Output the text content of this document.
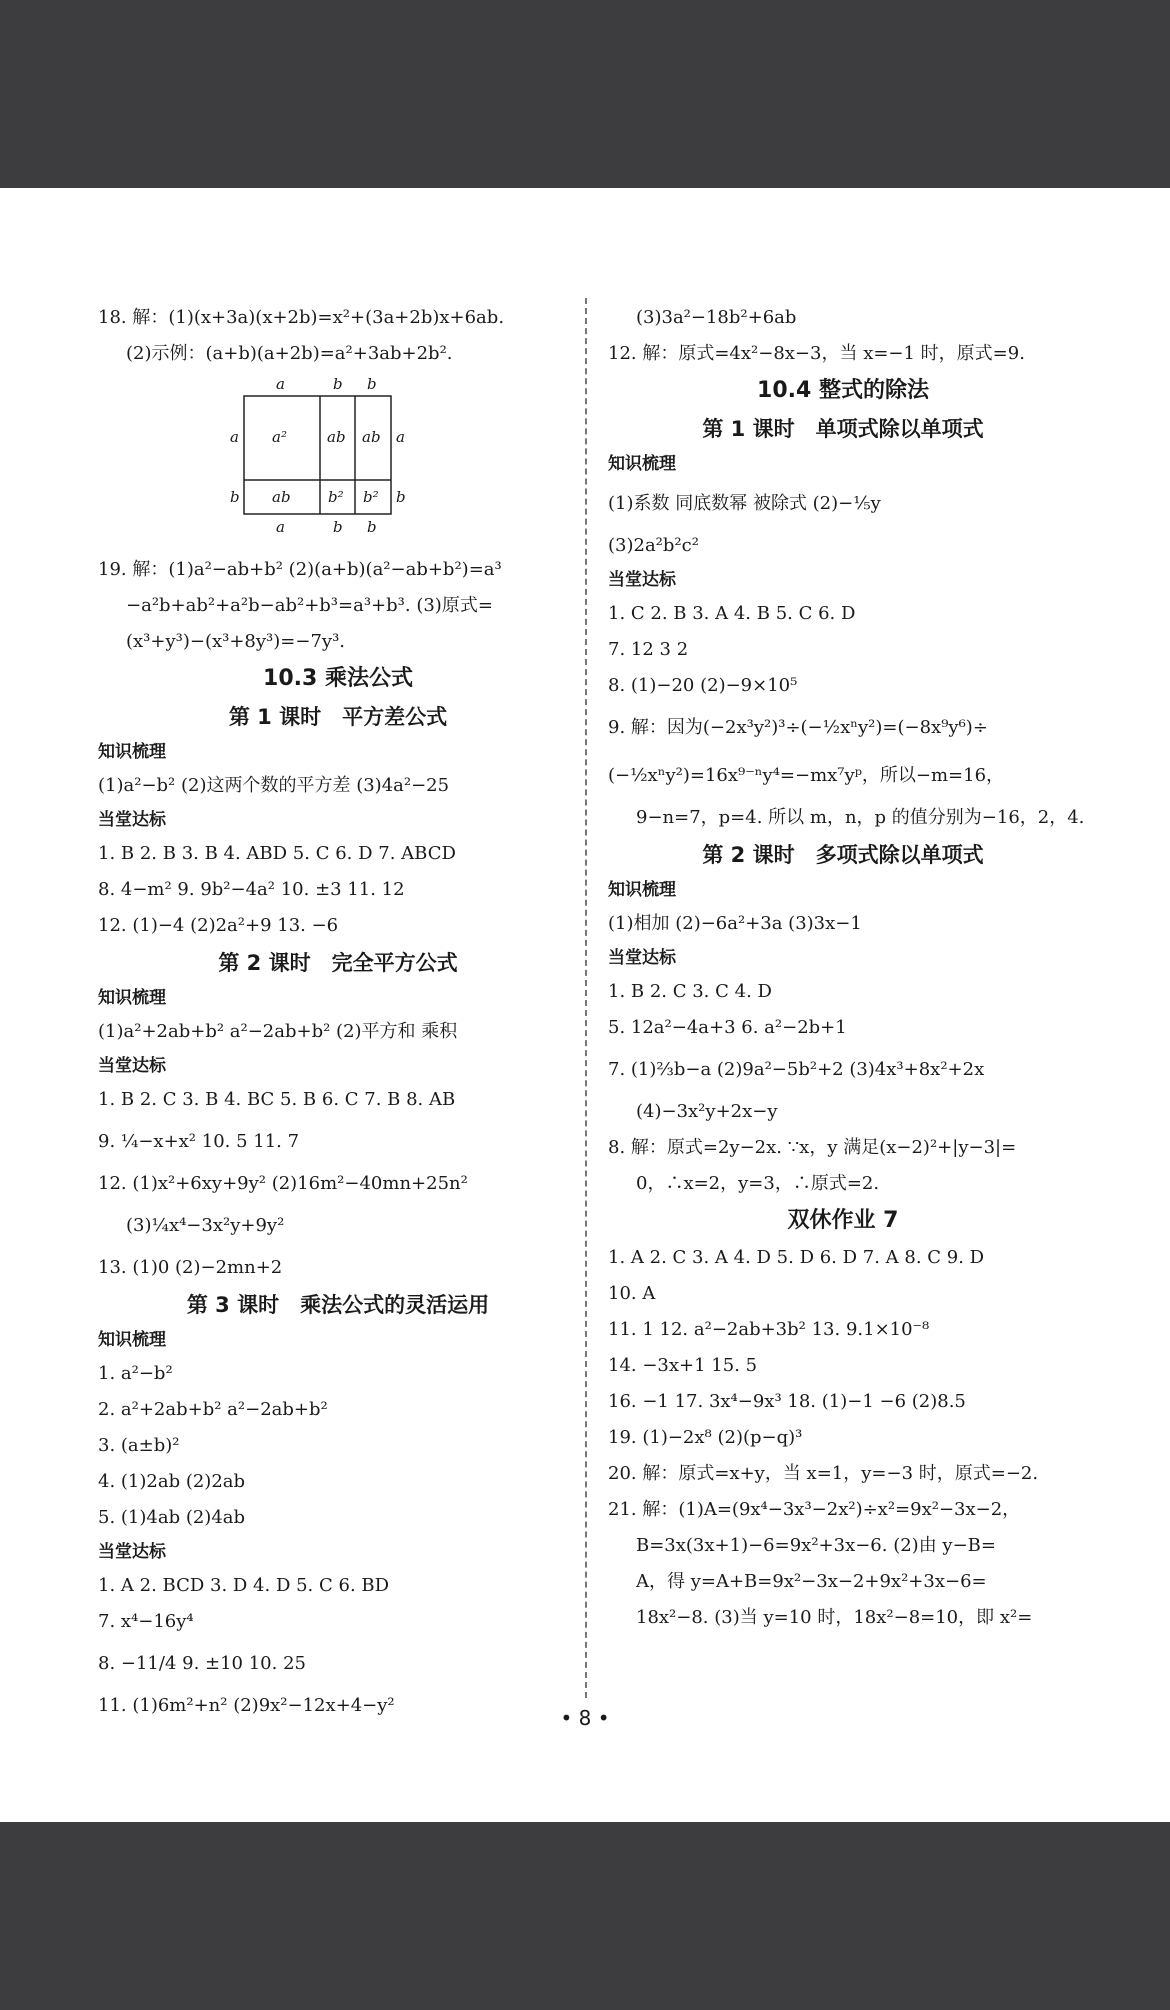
18. 解：(1)(x+3a)(x+2b)=x²+(3a+2b)x+6ab.
(2)示例：(a+b)(a+2b)=a²+3ab+2b².
a	b b
a	b b
a
b
a
b
a²	ab ab
ab b² b²
19. 解：(1)a²−ab+b² (2)(a+b)(a²−ab+b²)=a³
−a²b+ab²+a²b−ab²+b³=a³+b³. (3)原式=
(x³+y³)−(x³+8y³)=−7y³.
10.3 乘法公式
第 1 课时　平方差公式
知识梳理
(1)a²−b² (2)这两个数的平方差 (3)4a²−25
当堂达标
1. B 2. B 3. B 4. ABD 5. C 6. D 7. ABCD
8. 4−m² 9. 9b²−4a² 10. ±3 11. 12
12. (1)−4 (2)2a²+9 13. −6
第 2 课时　完全平方公式
知识梳理
(1)a²+2ab+b² a²−2ab+b² (2)平方和 乘积
当堂达标
1. B 2. C 3. B 4. BC 5. B 6. C 7. B 8. AB
9. ¼−x+x² 10. 5 11. 7
12. (1)x²+6xy+9y² (2)16m²−40mn+25n²
(3)¼x⁴−3x²y+9y²
13. (1)0 (2)−2mn+2
第 3 课时　乘法公式的灵活运用
知识梳理
1. a²−b²
2. a²+2ab+b² a²−2ab+b²
3. (a±b)²
4. (1)2ab (2)2ab
5. (1)4ab (2)4ab
当堂达标
1. A 2. BCD 3. D 4. D 5. C 6. BD
7. x⁴−16y⁴
8. −11/4 9. ±10 10. 25
11. (1)6m²+n² (2)9x²−12x+4−y²
(3)3a²−18b²+6ab
12. 解：原式=4x²−8x−3，当 x=−1 时，原式=9.
10.4 整式的除法
第 1 课时　单项式除以单项式
知识梳理
(1)系数 同底数幂 被除式 (2)−⅕y
(3)2a²b²c²
当堂达标
1. C 2. B 3. A 4. B 5. C 6. D
7. 12 3 2
8. (1)−20 (2)−9×10⁵
9. 解：因为(−2x³y²)³÷(−½xⁿy²)=(−8x⁹y⁶)÷
(−½xⁿy²)=16x⁹⁻ⁿy⁴=−mx⁷yᵖ，所以−m=16，
9−n=7，p=4. 所以 m，n，p 的值分别为−16，2，4.
第 2 课时　多项式除以单项式
知识梳理
(1)相加 (2)−6a²+3a (3)3x−1
当堂达标
1. B 2. C 3. C 4. D
5. 12a²−4a+3 6. a²−2b+1
7. (1)⅔b−a (2)9a²−5b²+2 (3)4x³+8x²+2x
(4)−3x²y+2x−y
8. 解：原式=2y−2x. ∵x，y 满足(x−2)²+|y−3|=
0，∴x=2，y=3，∴原式=2.
双休作业 7
1. A 2. C 3. A 4. D 5. D 6. D 7. A 8. C 9. D
10. A
11. 1 12. a²−2ab+3b² 13. 9.1×10⁻⁸
14. −3x+1 15. 5
16. −1 17. 3x⁴−9x³ 18. (1)−1 −6 (2)8.5
19. (1)−2x⁸ (2)(p−q)³
20. 解：原式=x+y，当 x=1，y=−3 时，原式=−2.
21. 解：(1)A=(9x⁴−3x³−2x²)÷x²=9x²−3x−2，
B=3x(3x+1)−6=9x²+3x−6. (2)由 y−B=
A，得 y=A+B=9x²−3x−2+9x²+3x−6=
18x²−8. (3)当 y=10 时，18x²−8=10，即 x²=
• 8 •
